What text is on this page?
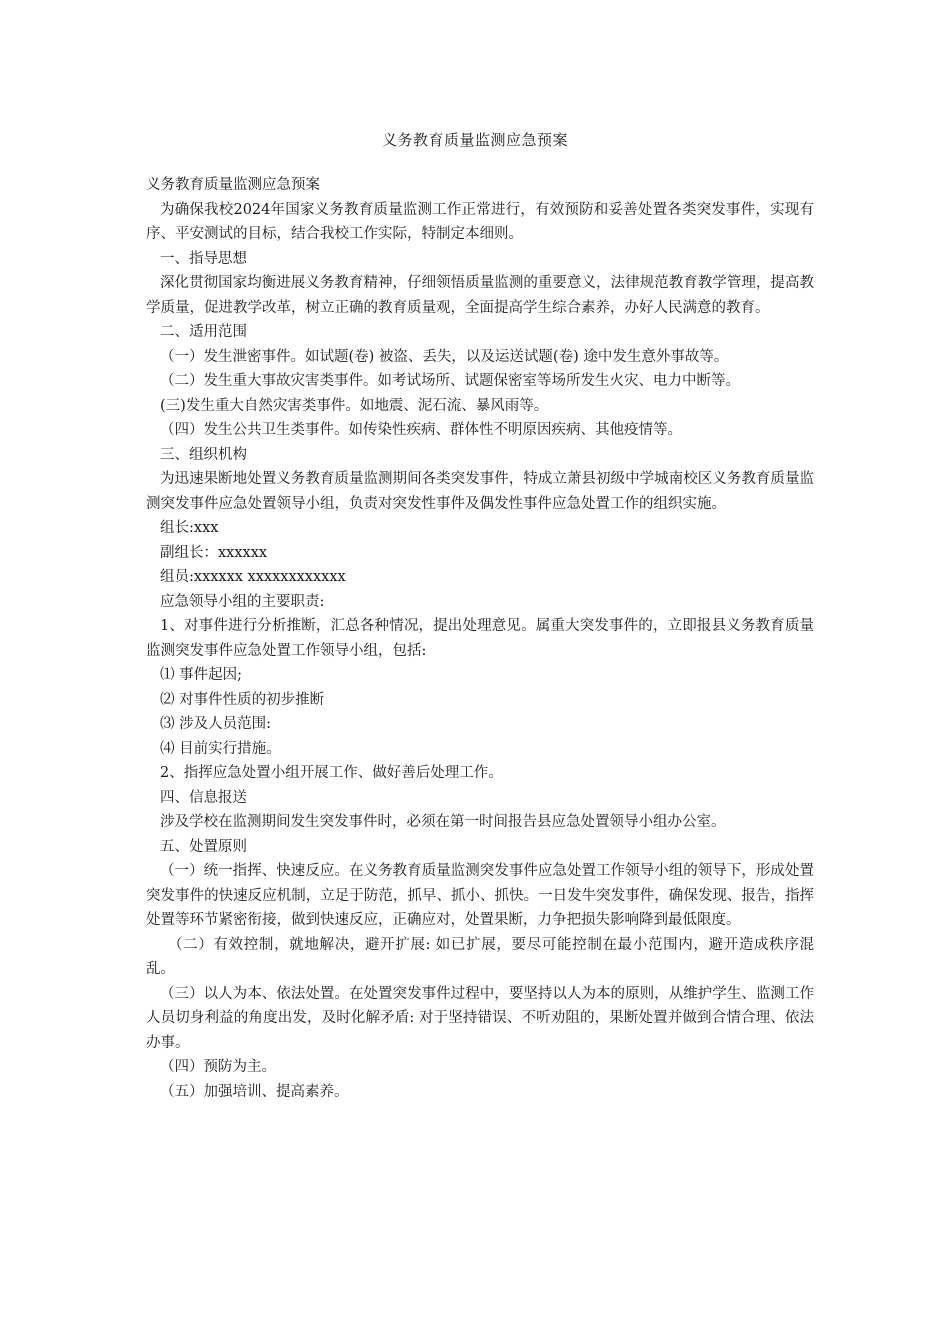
义务教育质量监测应急预案

义务教育质量监测应急预案

为确保我校2024年国家义务教育质量监测工作正常进行，有效预防和妥善处置各类突发事件，实现有序、平安测试的目标，结合我校工作实际，特制定本细则。

一、指导思想

深化贯彻国家均衡进展义务教育精神，仔细领悟质量监测的重要意义，法律规范教育教学管理，提高教学质量，促进教学改革，树立正确的教育质量观，全面提高学生综合素养，办好人民满意的教育。

二、适用范围

（一）发生泄密事件。如试题(卷) 被盗、丢失，以及运送试题(卷) 途中发生意外事故等。

（二）发生重大事故灾害类事件。如考试场所、试题保密室等场所发生火灾、电力中断等。

(三)发生重大自然灾害类事件。如地震、泥石流、暴风雨等。

（四）发生公共卫生类事件。如传染性疾病、群体性不明原因疾病、其他疫情等。

三、组织机构

为迅速果断地处置义务教育质量监测期间各类突发事件，特成立萧县初级中学城南校区义务教育质量监测突发事件应急处置领导小组，负责对突发性事件及偶发性事件应急处置工作的组织实施。

组长:xxx

副组长：xxxxxx

组员:xxxxxx xxxxxxxxxxxx

应急领导小组的主要职责:

1、对事件进行分析推断，汇总各种情况，提出处理意见。属重大突发事件的，立即报县义务教育质量监测突发事件应急处置工作领导小组，包括:

⑴ 事件起因;

⑵ 对事件性质的初步推断

⑶ 涉及人员范围:

⑷ 目前实行措施。

2、指挥应急处置小组开展工作、做好善后处理工作。

四、信息报送

涉及学校在监测期间发生突发事件时，必须在第一时间报告县应急处置领导小组办公室。

五、处置原则

（一）统一指挥、快速反应。在义务教育质量监测突发事件应急处置工作领导小组的领导下，形成处置突发事件的快速反应机制，立足于防范，抓早、抓小、抓快。一日发牛突发事件，确保发现、报告，指挥处置等环节紧密衔接，做到快速反应，正确应对，处置果断，力争把损失影响降到最低限度。

（二）有效控制，就地解决，避开扩展: 如已扩展，要尽可能控制在最小范围内，避开造成秩序混乱。

（三）以人为本、依法处置。在处置突发事件过程中，要坚持以人为本的原则，从维护学生、监测工作人员切身利益的角度出发，及时化解矛盾: 对于坚持错误、不听劝阻的，果断处置并做到合情合理、依法办事。

（四）预防为主。

（五）加强培训、提高素养。
